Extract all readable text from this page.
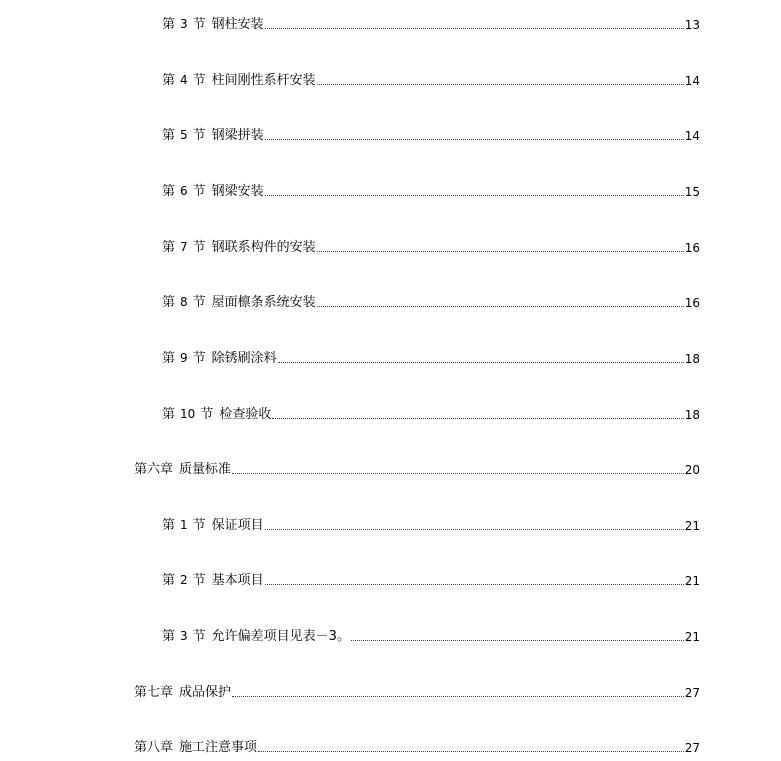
第 3 节 钢柱安装	13
第 4 节 柱间刚性系杆安装	14
第 5 节 钢梁拼装	14
第 6 节 钢梁安装	15
第 7 节 钢联系构件的安装	16
第 8 节 屋面檩条系统安装	16
第 9 节 除锈刷涂料	18
第 10 节 检查验收	18
第六章 质量标准	20
第 1 节 保证项目	21
第 2 节 基本项目	21
第 3 节 允许偏差项目见表－3。	21
第七章 成品保护	27
第八章 施工注意事项	27
